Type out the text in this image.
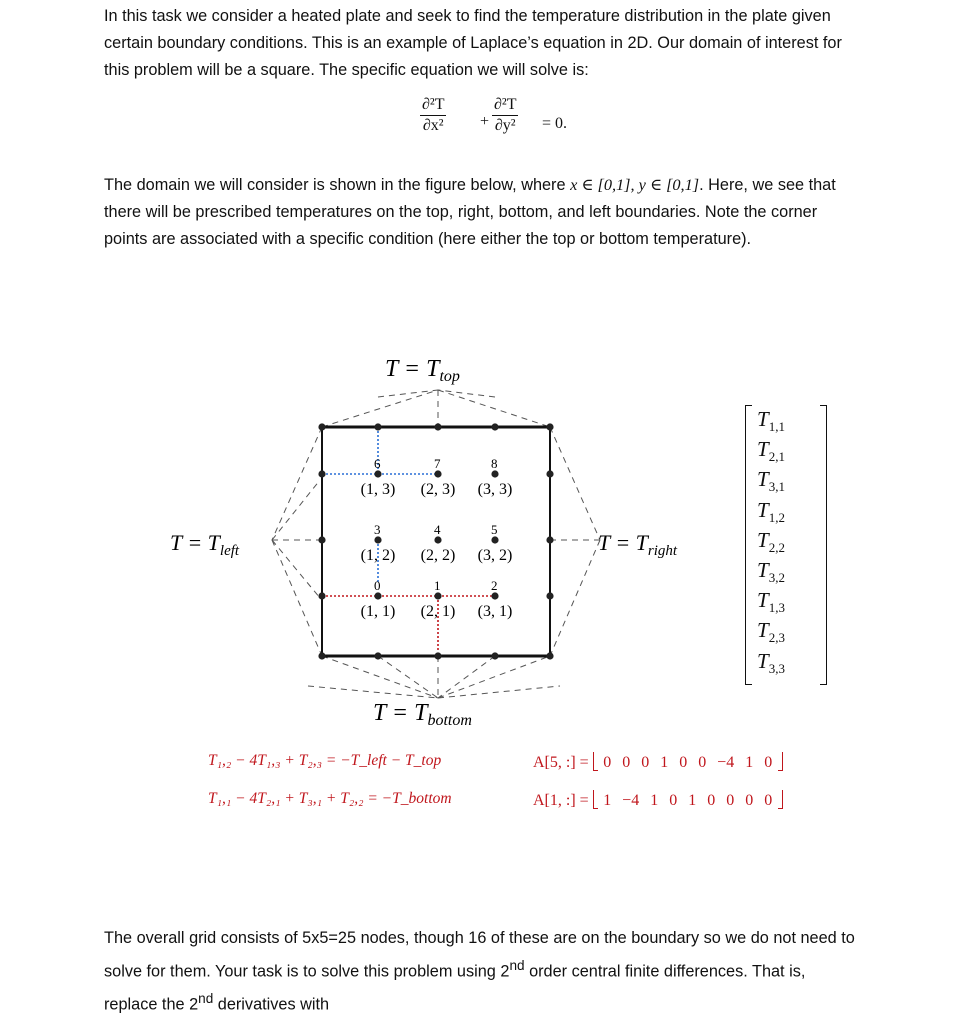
In this task we consider a heated plate and seek to find the temperature distribution in the plate given
certain boundary conditions. This is an example of Laplace’s equation in 2D. Our domain of interest for
this problem will be a square. The specific equation we will solve is:

$\frac{\text{∂²T}}{\text{∂x²}} + \frac{\text{∂²T}}{\text{∂y²}} = 0$.

The domain we will consider is shown in the figure below, where x ∈ [0,1], y ∈ [0,1]. Here, we see that
there will be prescribed temperatures on the top, right, bottom, and left boundaries. Note the corner
points are associated with a specific condition (here either the top or bottom temperature).

0
(1, 1)
1
(2, 1)
2
(3, 1)
3
(1, 2)
4
(2, 2)
5
(3, 2)
6
(1, 3)
7
(2, 3)
8
(3, 3)
$T = T_{top}$
$T = T_{left}$	$T = T_{right}$
$T = T_{bottom}$
$T_{1,1}$
$T_{2,1}$
$T_{3,1}$
$T_{1,2}$
$T_{2,2}$
$T_{3,2}$
$T_{1,3}$
$T_{2,3}$
$T_{3,3}$
T₁,₂ − 4T₁,₃ + T₂,₃ = −T_left − T_top
T₁,₁ − 4T₂,₁ + T₃,₁ + T₂,₂ = −T_bottom
A[5, :] = 0 0 0 1 0 0 −4 1 0
A[1, :] = 1 −4 1 0 1 0 0 0 0

The overall grid consists of 5x5=25 nodes, though 16 of these are on the boundary so we do not need to
solve for them. Your task is to solve this problem using 2nd order central finite differences. That is,
replace the 2nd derivatives with
